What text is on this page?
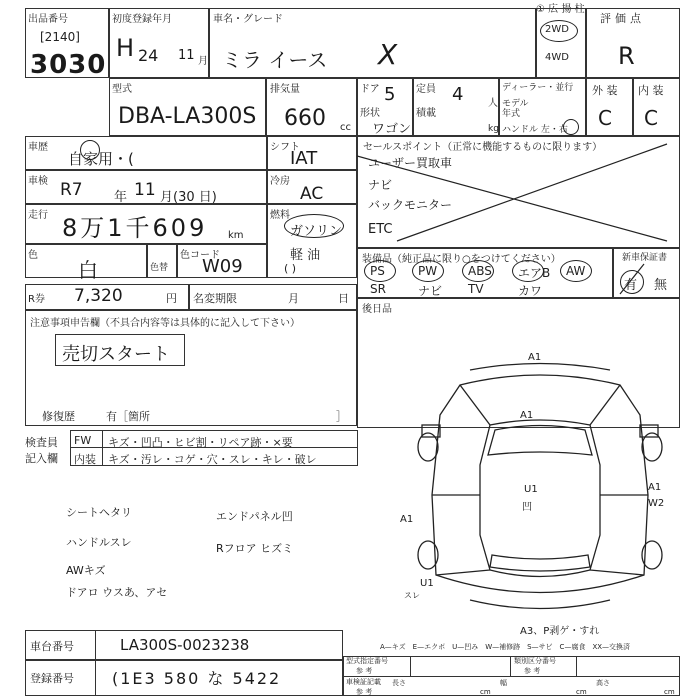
① 広 揚 柱
出品番号
[2140]
3030
初度登録年月
H 24 11 月
車名・グレード
ミラ イース X
2WD
4WD
評価点
R
型式
DBA-LA300S
排気量
660 cc
ドア 5
形状
ワゴン
定員 4 人
積載
kg
ディーラー・並行
モデル
年式
ハンドル 左・右
外 装
C
内 装
C
車歴
自家用・(
シフト
IAT
車検 R7 年 11 月(30 日)
冷房
AC
走行 8万1千609 km
燃料
ガソリン
軽 油
( )
色
白	色替
色コード
W09
R券 7,320	円 名変期限	月	日
注意事項申告欄（不具合内容等は具体的に記入して下さい）
売切スタート
修復歴	有［箇所	］
セールスポイント（正常に機能するものに限ります）
ユーザー買取車
ナビ
バックモニター
ETC
装備品（純正品に限り○をつけてください）
PS	PW	ABS エアB AW
SR	ナビ TV	カワ
新車保証書
有 無
後日品
検査員
記入欄
FW キズ・凹凸・ヒビ割・リペア跡・×要
内装 キズ・汚レ・コゲ・穴・スレ・キレ・破レ
シートヘタリ
ハンドルスレ
AWキズ
ドアロ ウスあ、アセ
エンドパネル凹
Rフロア ヒズミ
A1
A1
U1
凹
A1
A1
W2
U1
スレ
A3、P剥ゲ・すれ
A—キズ　E—エクボ　U—凹み　W—補修跡　S—サビ　C—腐食　XX—交換済
車台番号	LA300S-0023238
登録番号 (1E3 580 な 5422
型式指定番号
参 考
類別区分番号
参 考
車検証記載
参 考
長さ
cm
幅
cm
高さ
cm
